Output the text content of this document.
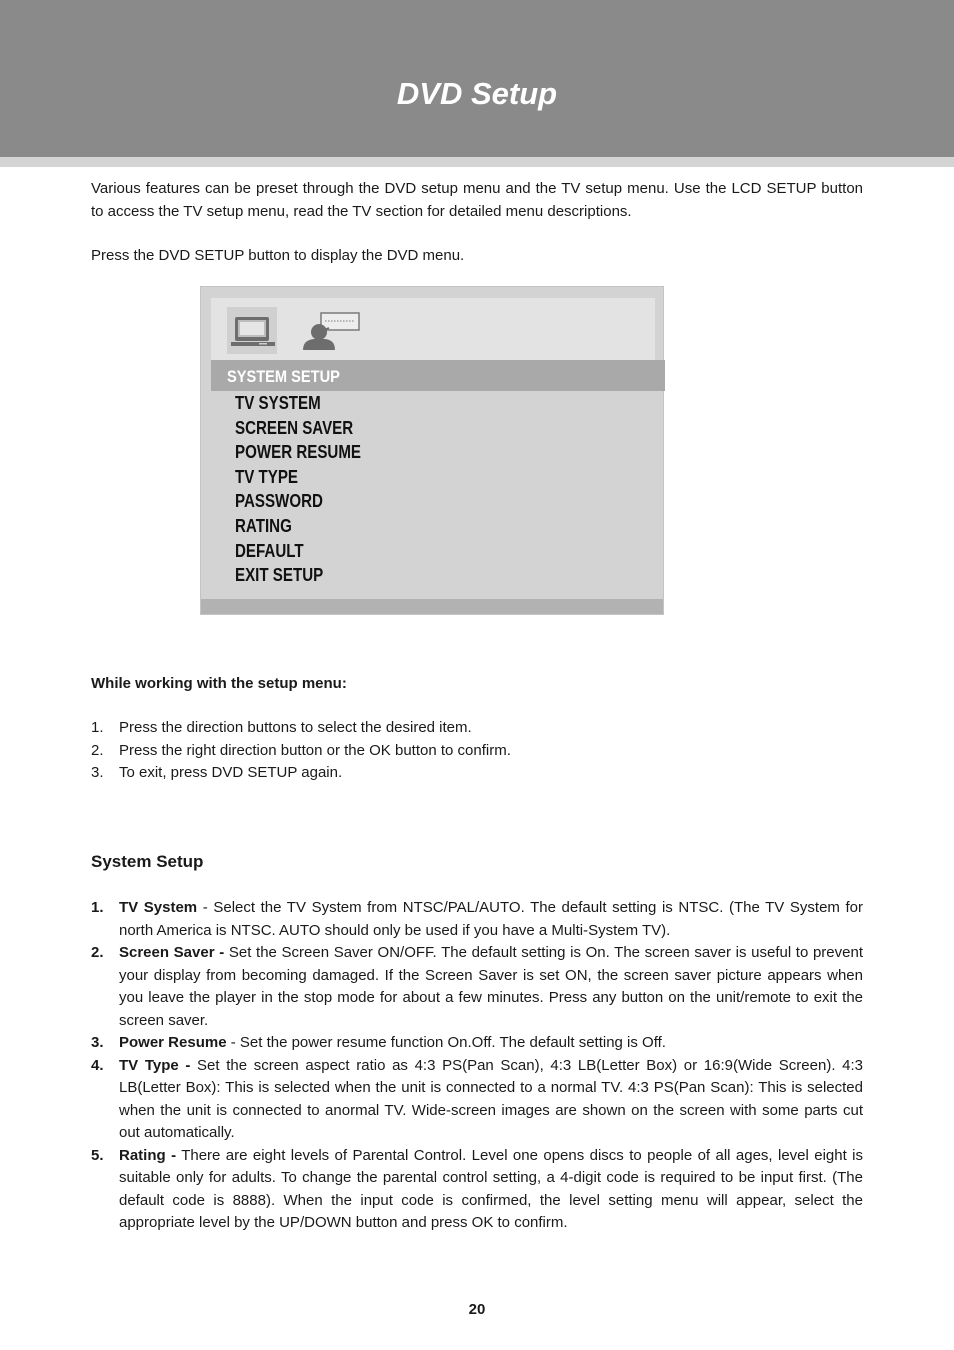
DVD Setup

Various features can be preset through the DVD setup menu and the TV setup menu. Use the LCD SETUP button to access the TV setup menu, read the TV section for detailed menu descriptions.

Press the DVD SETUP button to display the DVD menu.

SYSTEM SETUP
TV SYSTEM
SCREEN SAVER
POWER RESUME
TV TYPE
PASSWORD
RATING
DEFAULT
EXIT SETUP

While working with the setup menu:

1.	Press the direction buttons to select the desired item.
2.	Press the right direction button or the OK button to confirm.
3.	To exit, press DVD SETUP again.

System Setup

1.	TV System - Select the TV System from NTSC/PAL/AUTO. The default setting is NTSC. (The TV System for north America is NTSC. AUTO should only be used if you have a Multi-System TV).
2.	Screen Saver - Set the Screen Saver ON/OFF. The default setting is On. The screen saver is useful to prevent your display from becoming damaged. If the Screen Saver is set ON, the screen saver picture appears when you leave the player in the stop mode for about a few minutes. Press any button on the unit/remote to exit the screen saver.
3.	Power Resume - Set the power resume function On.Off. The default setting is Off.
4.	TV Type - Set the screen aspect ratio as 4:3 PS(Pan Scan), 4:3 LB(Letter Box) or 16:9(Wide Screen). 4:3 LB(Letter Box): This is selected when the unit is connected to a normal TV. 4:3 PS(Pan Scan): This is selected when the unit is connected to anormal TV. Wide-screen images are shown on the screen with some parts cut out automatically.
5.	Rating - There are eight levels of Parental Control. Level one opens discs to people of all ages, level eight is suitable only for adults. To change the parental control setting, a 4-digit code is required to be input first. (The default code is 8888). When the input code is confirmed, the level setting menu will appear, select the appropriate level by the UP/DOWN button and press OK to confirm.
20
